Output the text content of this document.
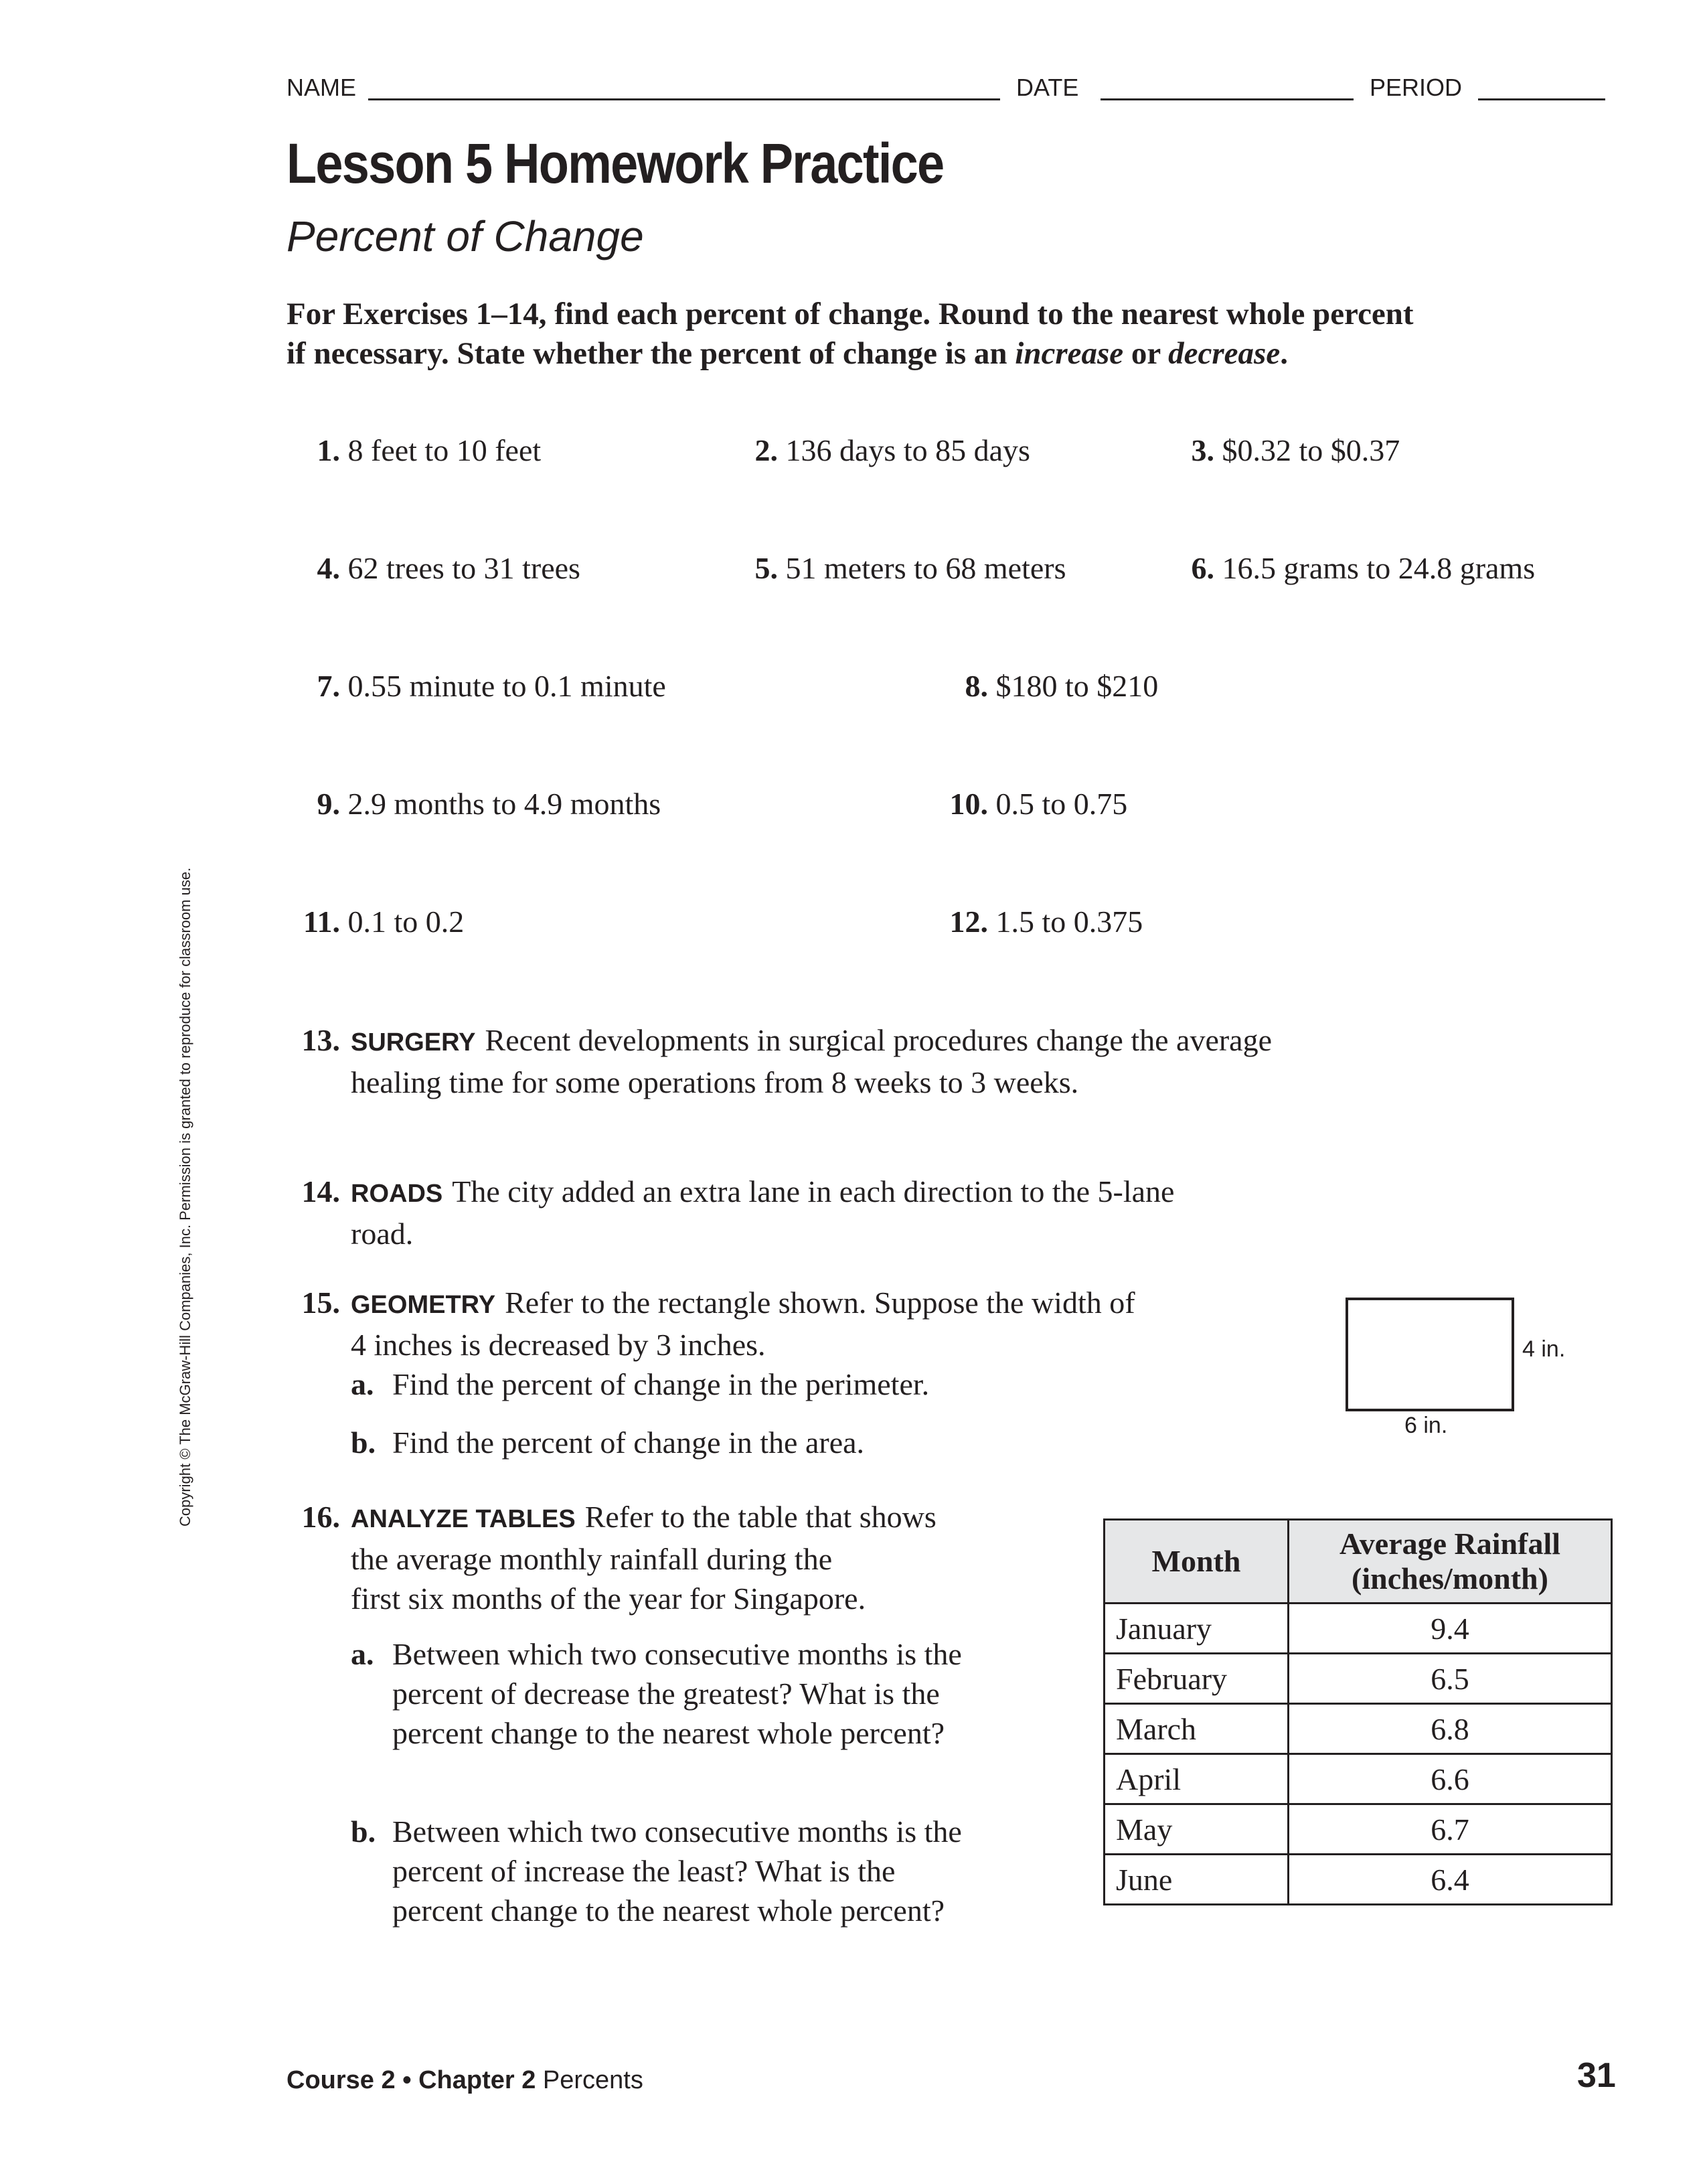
NAME	DATE	PERIOD
Lesson 5 Homework Practice
Percent of Change
For Exercises 1–14, find each percent of change. Round to the nearest whole percent if necessary. State whether the percent of change is an increase or decrease.
1. 8 feet to 10 feet	2. 136 days to 85 days	3. $0.32 to $0.37
4. 62 trees to 31 trees	5. 51 meters to 68 meters	6. 16.5 grams to 24.8 grams
7. 0.55 minute to 0.1 minute	8. $180 to $210
9. 2.9 months to 4.9 months	10. 0.5 to 0.75
11. 0.1 to 0.2	12. 1.5 to 0.375
13. SURGERY Recent developments in surgical procedures change the average
healing time for some operations from 8 weeks to 3 weeks.
14. ROADS The city added an extra lane in each direction to the 5-lane
road.
15. GEOMETRY Refer to the rectangle shown. Suppose the width of
4 inches is decreased by 3 inches.
a. Find the percent of change in the perimeter.
b. Find the percent of change in the area.
4 in.
6 in.
16. ANALYZE TABLES Refer to the table that shows
the average monthly rainfall during the
first six months of the year for Singapore.
a. Between which two consecutive months is the
percent of decrease the greatest? What is the
percent change to the nearest whole percent?
b. Between which two consecutive months is the
percent of increase the least? What is the
percent change to the nearest whole percent?
Month	Average Rainfall
(inches/month)

January	9.4
February	6.5
March	6.8
April	6.6
May	6.7
June	6.4
Copyright © The McGraw-Hill Companies, Inc. Permission is granted to reproduce for classroom use.
Course 2 • Chapter 2 Percents	31
